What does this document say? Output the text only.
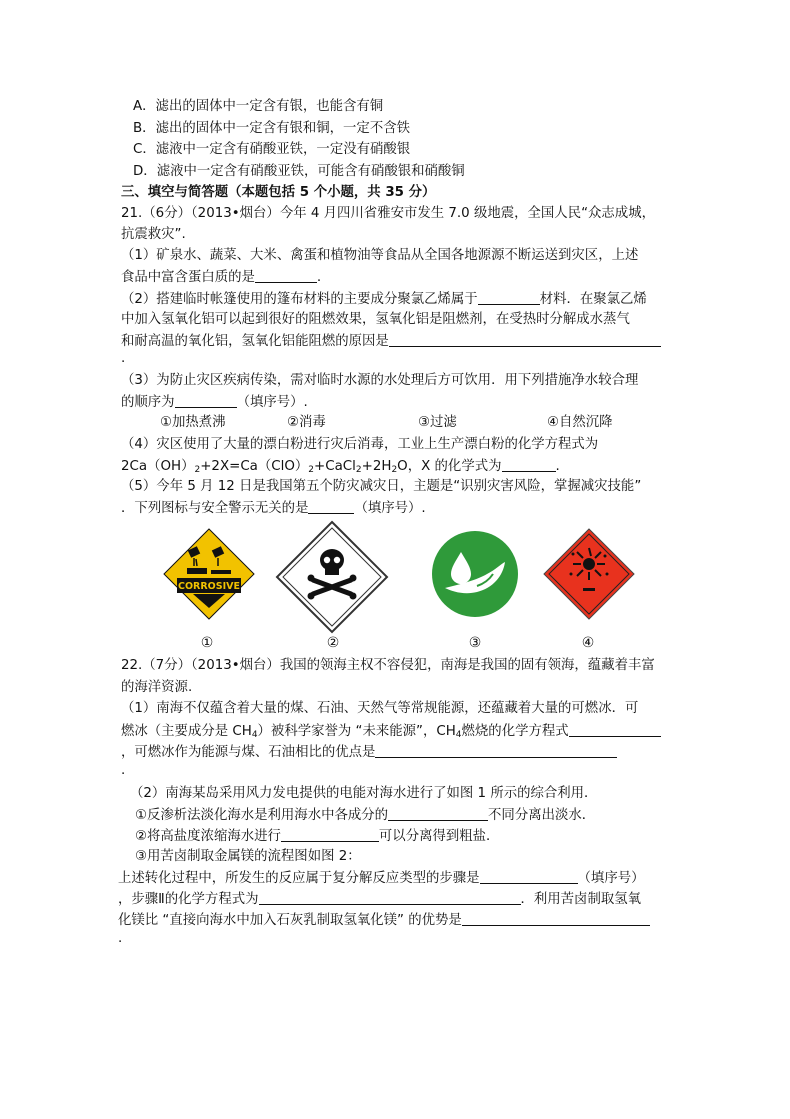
A．滤出的固体中一定含有银，也能含有铜
B．滤出的固体中一定含有银和铜，一定不含铁
C．滤液中一定含有硝酸亚铁，一定没有硝酸银
D．滤液中一定含有硝酸亚铁，可能含有硝酸银和硝酸铜
三、填空与简答题（本题包括 5 个小题，共 35 分）
21.（6分）（2013•烟台）今年 4 月四川省雅安市发生 7.0 级地震，全国人民“众志成城，
抗震救灾”.
（1）矿泉水、蔬菜、大米、禽蛋和植物油等食品从全国各地源源不断运送到灾区，上述
食品中富含蛋白质的是	.
（2）搭建临时帐篷使用的篷布材料的主要成分聚氯乙烯属于	材料．在聚氯乙烯
中加入氢氧化铝可以起到很好的阻燃效果，氢氧化铝是阻燃剂，在受热时分解成水蒸气
和耐高温的氧化铝，氢氧化铝能阻燃的原因是
.
（3）为防止灾区疾病传染，需对临时水源的水处理后方可饮用．用下列措施净水较合理
的顺序为	（填序号）.
①加热煮沸	②消毒	③过滤	④自然沉降
（4）灾区使用了大量的漂白粉进行灾后消毒，工业上生产漂白粉的化学方程式为
$2Ca(OH)_2+2X=Ca(ClO)_2+CaCl_2+2H_2O$，X 的化学式为	.
（5）今年 5 月 12 日是我国第五个防灾减灾日，主题是“识别灾害风险，掌握减灾技能”
．下列图标与安全警示无关的是	（填序号）.
CORROSIVE
①	②	③	④
22.（7分）（2013•烟台）我国的领海主权不容侵犯，南海是我国的固有领海，蕴藏着丰富
的海洋资源.
（1）南海不仅蕴含着大量的煤、石油、天然气等常规能源，还蕴藏着大量的可燃冰．可
燃冰（主要成分是 $CH_4$）被科学家誉为 “未来能源”，$CH_4$燃烧的化学方程式
，可燃冰作为能源与煤、石油相比的优点是
.
（2）南海某岛采用风力发电提供的电能对海水进行了如图 1 所示的综合利用．
①反渗析法淡化海水是利用海水中各成分的	不同分离出淡水．
②将高盐度浓缩海水进行	可以分离得到粗盐．
③用苦卤制取金属镁的流程图如图 2：
上述转化过程中，所发生的反应属于复分解反应类型的步骤是	（填序号）
，步骤Ⅱ的化学方程式为	．利用苦卤制取氢氧
化镁比 “直接向海水中加入石灰乳制取氢氧化镁” 的优势是
.
